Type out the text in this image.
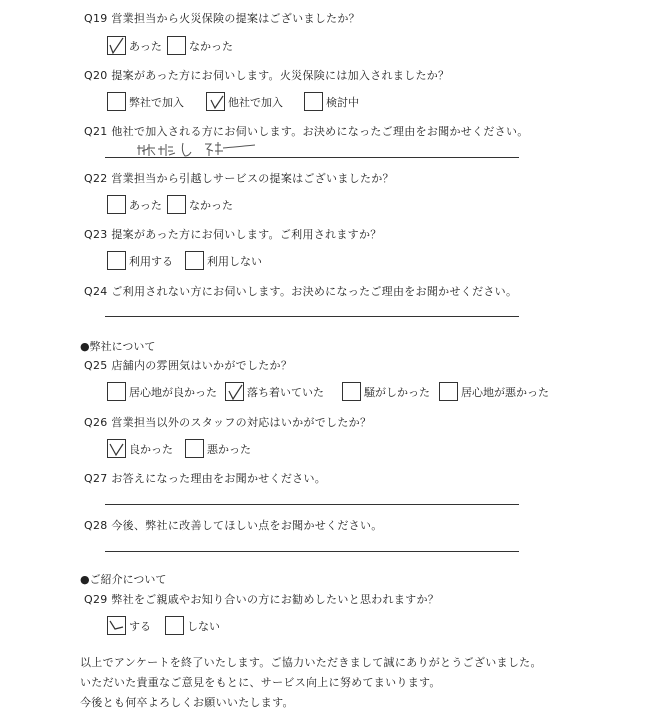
Q19 営業担当から火災保険の提案はございましたか？
あった なかった
Q20 提案があった方にお伺いします。火災保険には加入されましたか？
弊社で加入	他社で加入	検討中
Q21 他社で加入される方にお伺いします。お決めになったご理由をお聞かせください。
Q22 営業担当から引越しサービスの提案はございましたか？
あった なかった
Q23 提案があった方にお伺いします。ご利用されますか？
利用する	利用しない
Q24 ご利用されない方にお伺いします。お決めになったご理由をお聞かせください。
●弊社について
Q25 店舗内の雰囲気はいかがでしたか？
居心地が良かった	落ち着いていた	騒がしかった	居心地が悪かった
Q26 営業担当以外のスタッフの対応はいかがでしたか？
良かった	悪かった
Q27 お答えになった理由をお聞かせください。
Q28 今後、弊社に改善してほしい点をお聞かせください。
●ご紹介について
Q29 弊社をご親戚やお知り合いの方にお勧めしたいと思われますか？
する	しない
以上でアンケートを終了いたします。ご協力いただきまして誠にありがとうございました。
いただいた貴重なご意見をもとに、サービス向上に努めてまいります。
今後とも何卒よろしくお願いいたします。
